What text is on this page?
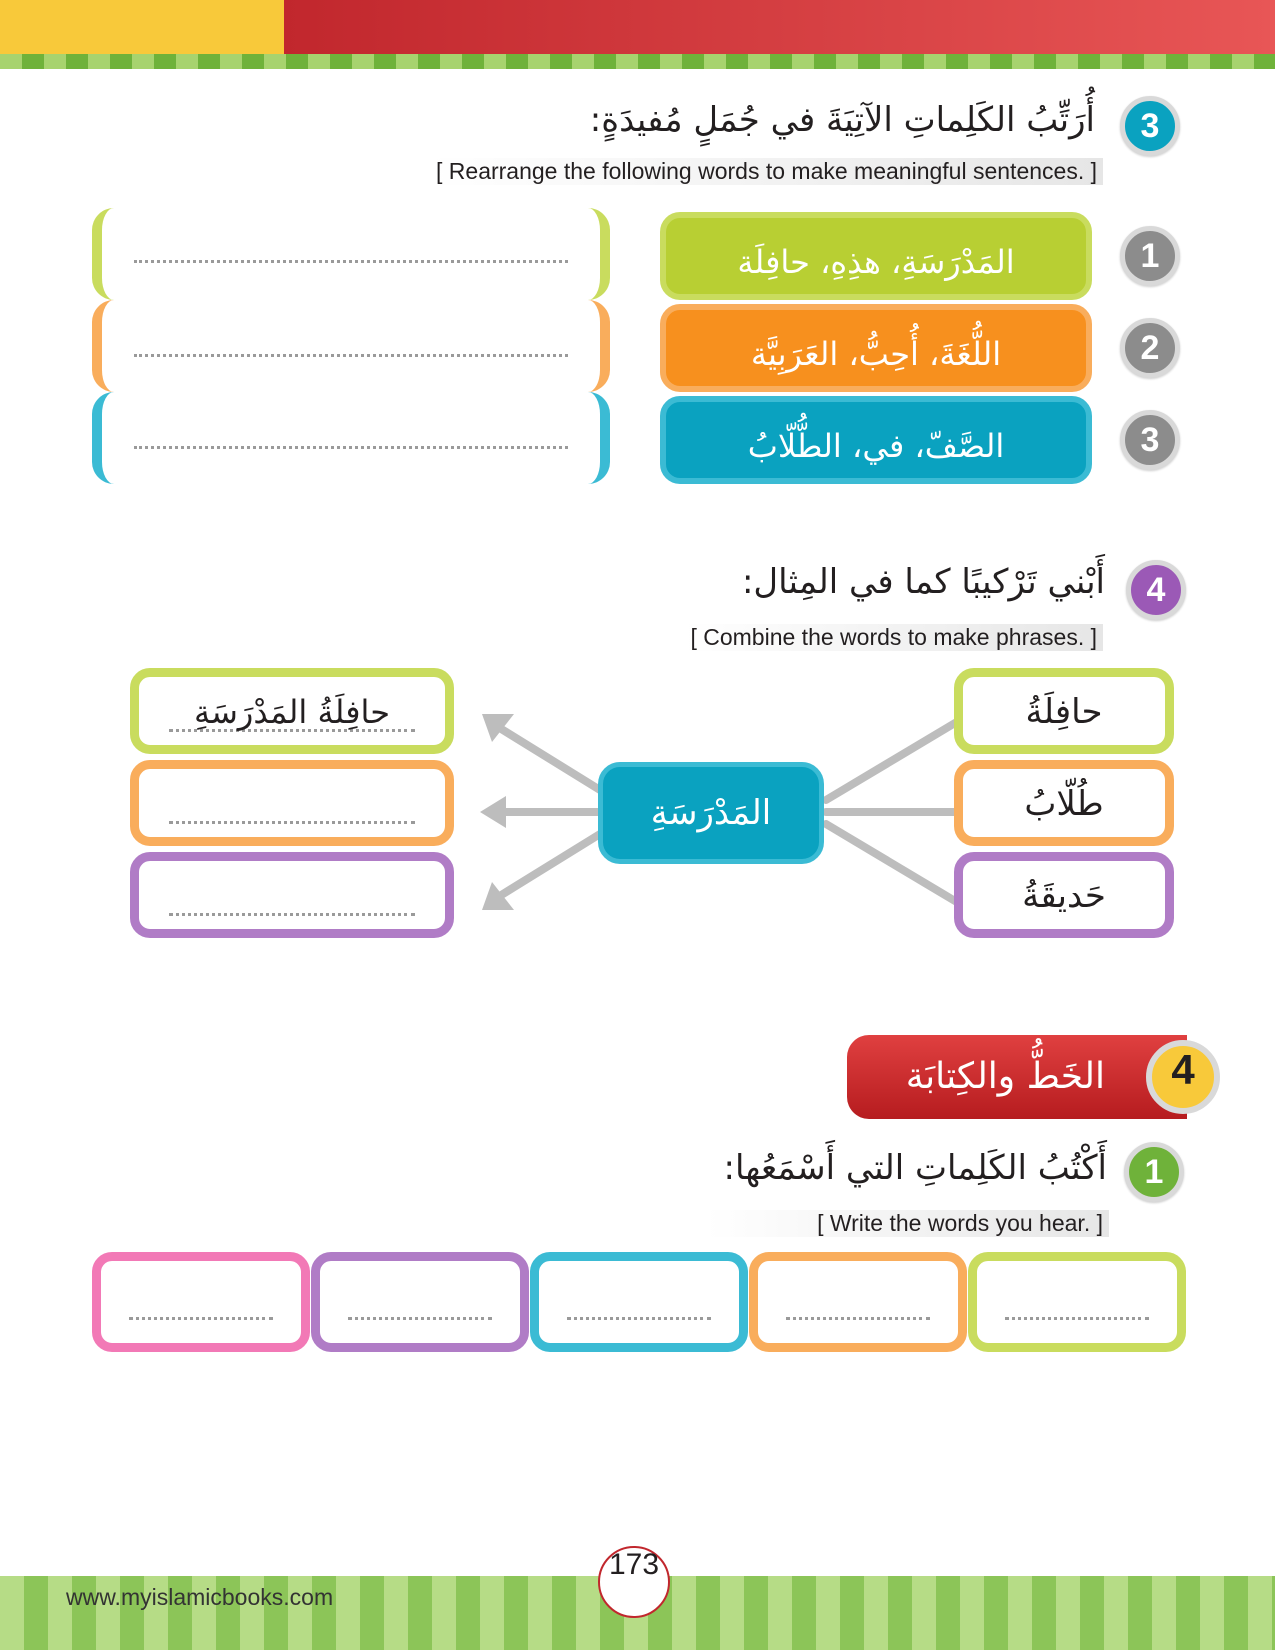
3
أُرَتِّبُ الكَلِماتِ الآتِيَةَ في جُمَلٍ مُفيدَةٍ:
[ Rearrange the following words to make meaningful sentences. ]
1
المَدْرَسَةِ، هذِهِ، حافِلَة
2
اللُّغَةَ، أُحِبُّ، العَرَبِيَّة
3
الصَّفّ، في، الطُّلّابُ
4
أَبْني تَرْكيبًا كما في المِثال:
[ Combine the words to make phrases. ]
المَدْرَسَةِ
حافِلَةُ
طُلّابُ
حَديقَةُ
حافِلَةُ المَدْرَسَةِ
الخَطُّ والكِتابَة	4
1
أَكْتُبُ الكَلِماتِ التي أَسْمَعُها:
[ Write the words you hear. ]
173
www.myislamicbooks.com
